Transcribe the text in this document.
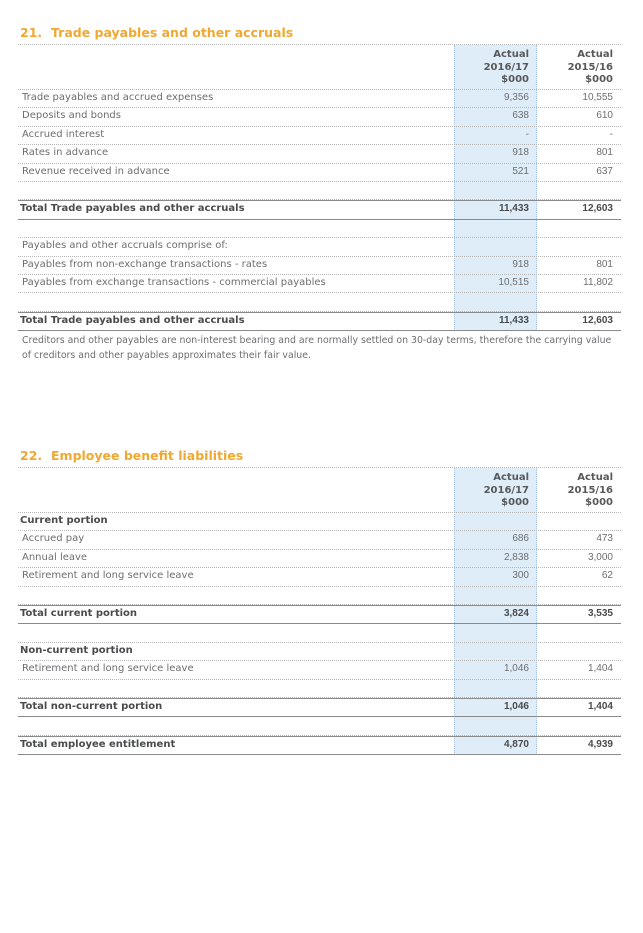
21. Trade payables and other accruals
Actual
2016/17
$000
Actual
2015/16
$000
Trade payables and accrued expenses	9,356	10,555
Deposits and bonds	638	610
Accrued interest	-	-
Rates in advance	918	801
Revenue received in advance	521	637
Total Trade payables and other accruals	11,433	12,603
Payables and other accruals comprise of:
Payables from non-exchange transactions - rates	918	801
Payables from exchange transactions - commercial payables	10,515	11,802
Total Trade payables and other accruals	11,433	12,603

Creditors and other payables are non-interest bearing and are normally settled on 30-day terms, therefore the carrying value of creditors and other payables approximates their fair value.

22. Employee benefit liabilities
Actual
2016/17
$000
Actual
2015/16
$000
Current portion
Accrued pay	686	473
Annual leave	2,838	3,000
Retirement and long service leave	300	62
Total current portion	3,824	3,535
Non-current portion
Retirement and long service leave	1,046	1,404
Total non-current portion	1,046	1,404
Total employee entitlement	4,870	4,939
